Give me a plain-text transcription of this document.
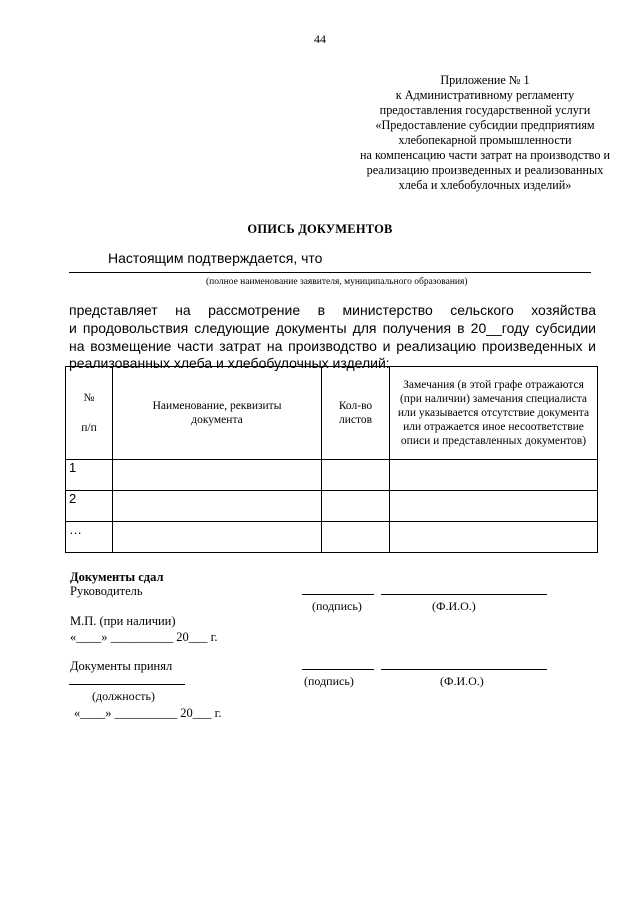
44
Приложение № 1
к Административному регламенту
предоставления государственной услуги
«Предоставление субсидии предприятиям
хлебопекарной промышленности
на компенсацию части затрат на производство и
реализацию произведенных и реализованных
хлеба и хлебобулочных изделий»
ОПИСЬ ДОКУМЕНТОВ
Настоящим подтверждается, что
(полное наименование заявителя, муниципального образования)
представляет на рассмотрение в министерство сельского хозяйства
и продовольствия следующие документы для получения в 20__году субсидии
на возмещение части затрат на производство и реализацию произведенных и
реализованных хлеба и хлебобулочных изделий:
№
п/п	Наименование, реквизиты документа	Кол-во листов	Замечания (в этой графе отражаются (при наличии) замечания специалиста или указывается отсутствие документа или отражается иное несоответствие описи и представленных документов)
1			
2			
…			
Документы сдал
Руководитель
(подпись)	(Ф.И.О.)
М.П. (при наличии)
«____» __________ 20___ г.
Документы принял
(подпись)	(Ф.И.О.)
(должность)
«____» __________ 20___ г.
